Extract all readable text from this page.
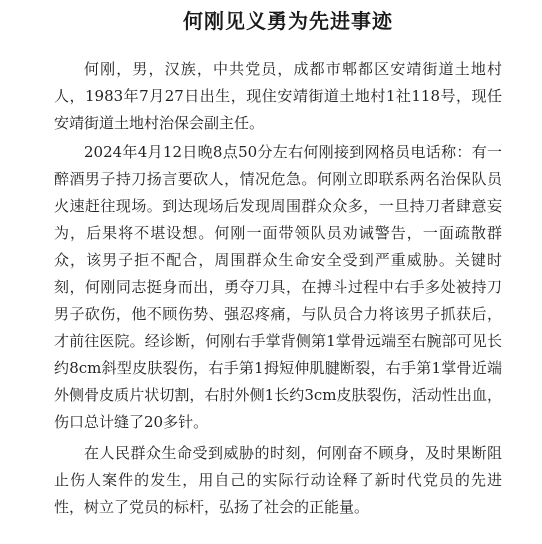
何刚见义勇为先进事迹

何刚，男，汉族，中共党员，成都市郫都区安靖街道土地村人，1983年7月27日出生，现住安靖街道土地村1社118号，现任安靖街道土地村治保会副主任。

2024年4月12日晚8点50分左右何刚接到网格员电话称：有一醉酒男子持刀扬言要砍人，情况危急。何刚立即联系两名治保队员火速赶往现场。到达现场后发现周围群众众多，一旦持刀者肆意妄为，后果将不堪设想。何刚一面带领队员劝诫警告，一面疏散群众，该男子拒不配合，周围群众生命安全受到严重威胁。关键时刻，何刚同志挺身而出，勇夺刀具，在搏斗过程中右手多处被持刀男子砍伤，他不顾伤势、强忍疼痛，与队员合力将该男子抓获后，才前往医院。经诊断，何刚右手掌背侧第1掌骨远端至右腕部可见长约8cm斜型皮肤裂伤，右手第1拇短伸肌腱断裂，右手第1掌骨近端外侧骨皮质片状切割，右肘外侧1长约3cm皮肤裂伤，活动性出血，伤口总计缝了20多针。

在人民群众生命受到威胁的时刻，何刚奋不顾身，及时果断阻止伤人案件的发生，用自己的实际行动诠释了新时代党员的先进性，树立了党员的标杆，弘扬了社会的正能量。
